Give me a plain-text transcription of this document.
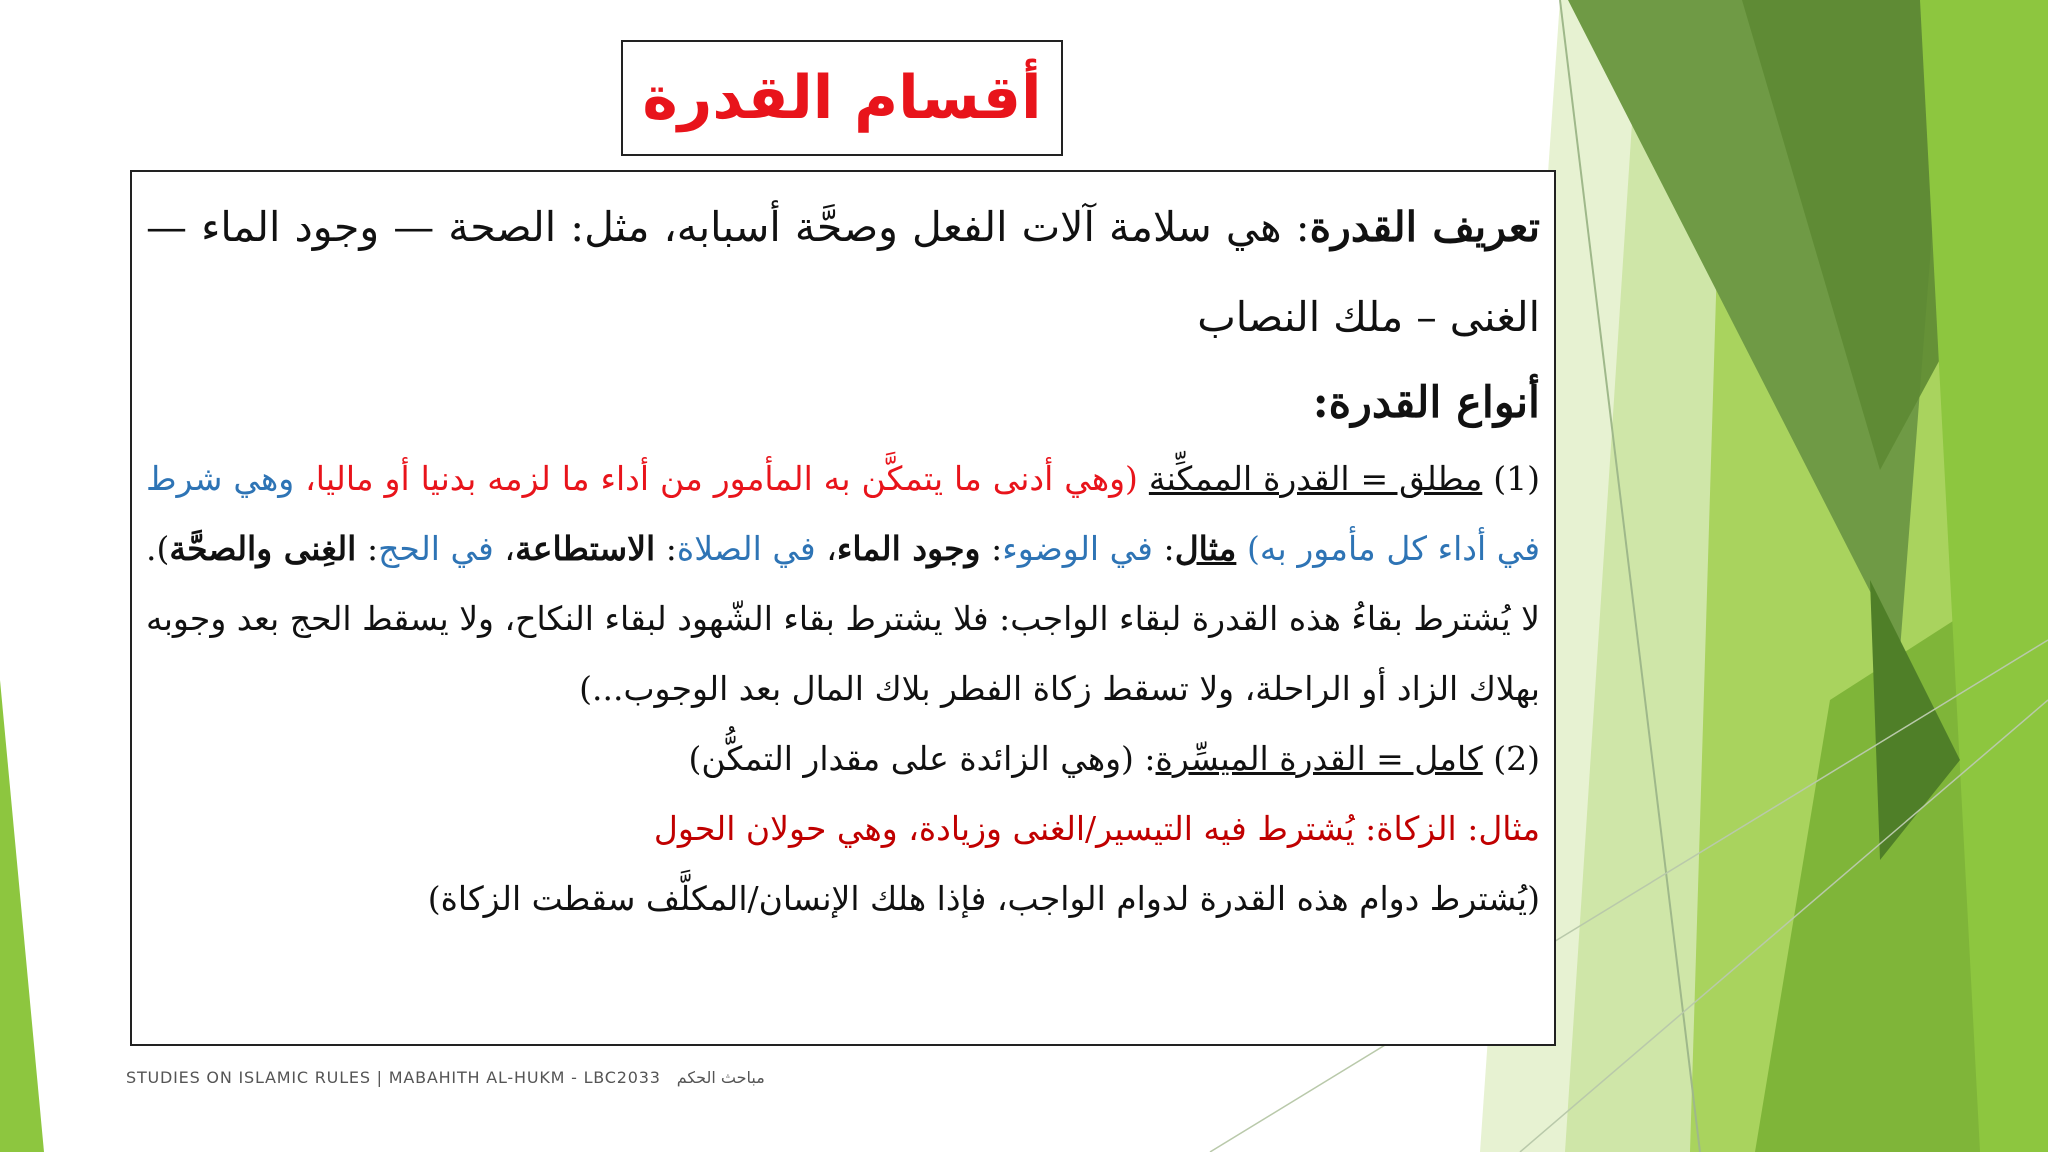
أقسام القدرة

تعريف القدرة: هي سلامة آلات الفعل وصحَّة أسبابه، مثل: الصحة — وجود الماء — الغنى – ملك النصاب

أنواع القدرة:

(1) مطلق = القدرة الممكِّنة (وهي أدنى ما يتمكَّن به المأمور من أداء ما لزمه بدنيا أو ماليا، وهي شرط في أداء كل مأمور به) مثال: في الوضوء: وجود الماء، في الصلاة: الاستطاعة، في الحج: الغِنى والصحَّة). لا يُشترط بقاءُ هذه القدرة لبقاء الواجب: فلا يشترط بقاء الشّهود لبقاء النكاح، ولا يسقط الحج بعد وجوبه بهلاك الزاد أو الراحلة، ولا تسقط زكاة الفطر بلاك المال بعد الوجوب...)

(2) كامل = القدرة الميسِّرة: (وهي الزائدة على مقدار التمكُّن)

مثال: الزكاة: يُشترط فيه التيسير/الغنى وزيادة، وهي حولان الحول

(يُشترط دوام هذه القدرة لدوام الواجب، فإذا هلك الإنسان/المكلَّف سقطت الزكاة)

STUDIES ON ISLAMIC RULES | MABAHITH AL-HUKM - LBC2033 مباحث الحكم
